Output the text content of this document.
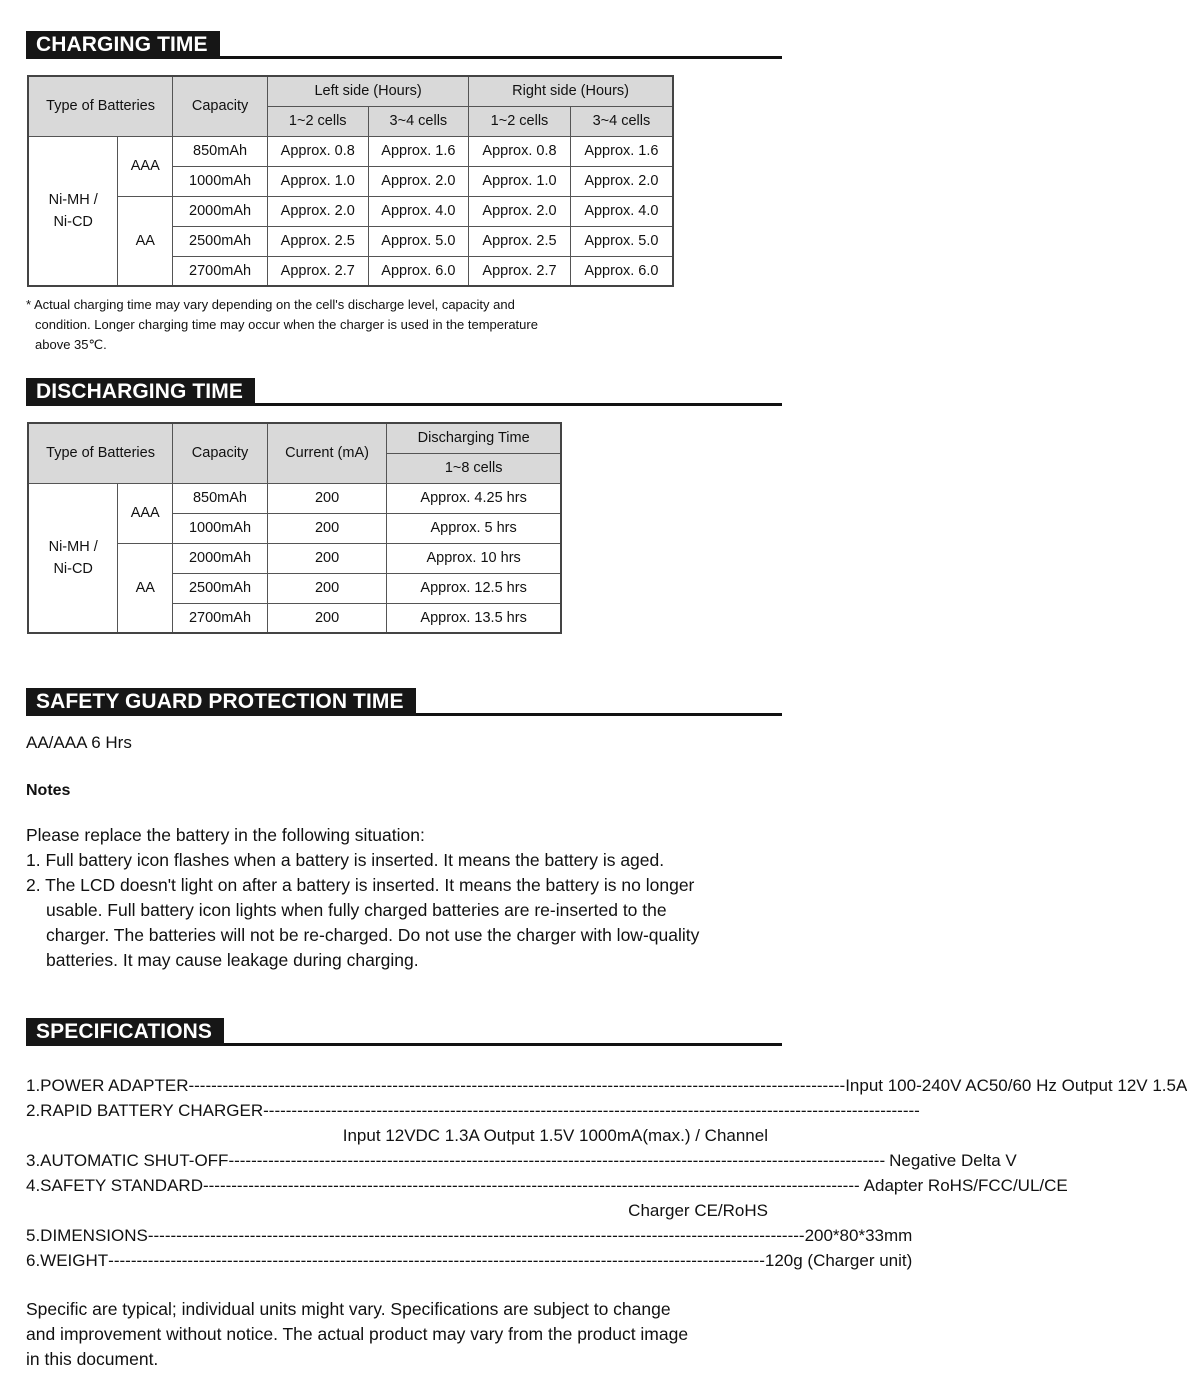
CHARGING TIME
Type of Batteries		Capacity	Left side (Hours)		Right side (Hours)	
			1~2 cells	3~4 cells	1~2 cells	3~4 cells
Ni-MH / Ni-CD	AAA	850mAh	Approx. 0.8	Approx. 1.6	Approx. 0.8	Approx. 1.6
		1000mAh	Approx. 1.0	Approx. 2.0	Approx. 1.0	Approx. 2.0
	AA	2000mAh	Approx. 2.0	Approx. 4.0	Approx. 2.0	Approx. 4.0
		2500mAh	Approx. 2.5	Approx. 5.0	Approx. 2.5	Approx. 5.0
		2700mAh	Approx. 2.7	Approx. 6.0	Approx. 2.7	Approx. 6.0
* Actual charging time may vary depending on the cell's discharge level, capacity and
condition. Longer charging time may occur when the charger is used in the temperature
above 35℃.
DISCHARGING TIME
Type of Batteries		Capacity	Current (mA)	Discharging Time
				1~8 cells
Ni-MH / Ni-CD	AAA	850mAh	200	Approx. 4.25 hrs
		1000mAh	200	Approx. 5 hrs
	AA	2000mAh	200	Approx. 10 hrs
		2500mAh	200	Approx. 12.5 hrs
		2700mAh	200	Approx. 13.5 hrs
SAFETY GUARD PROTECTION TIME
AA/AAA 6 Hrs
Notes
Please replace the battery in the following situation:
1. Full battery icon flashes when a battery is inserted. It means the battery is aged.
2. The LCD doesn't light on after a battery is inserted. It means the battery is no longer
usable. Full battery icon lights when fully charged batteries are re-inserted to the
charger. The batteries will not be re-charged. Do not use the charger with low-quality
batteries. It may cause leakage during charging.
SPECIFICATIONS
1.POWER ADAPTER -------------------------------------------------------------------------------------------------------------------- Input 100-240V AC50/60 Hz Output 12V 1.5A
2.RAPID BATTERY CHARGER --------------------------------------------------------------------------------------------------------------------
Input 12VDC 1.3A Output 1.5V 1000mA(max.) / Channel
3.AUTOMATIC SHUT-OFF -------------------------------------------------------------------------------------------------------------------- Negative Delta V
4.SAFETY STANDARD -------------------------------------------------------------------------------------------------------------------- Adapter RoHS/FCC/UL/CE
Charger CE/RoHS
5.DIMENSIONS -------------------------------------------------------------------------------------------------------------------- 200*80*33mm
6.WEIGHT -------------------------------------------------------------------------------------------------------------------- 120g (Charger unit)
Specific are typical; individual units might vary. Specifications are subject to change
and improvement without notice. The actual product may vary from the product image
in this document.
